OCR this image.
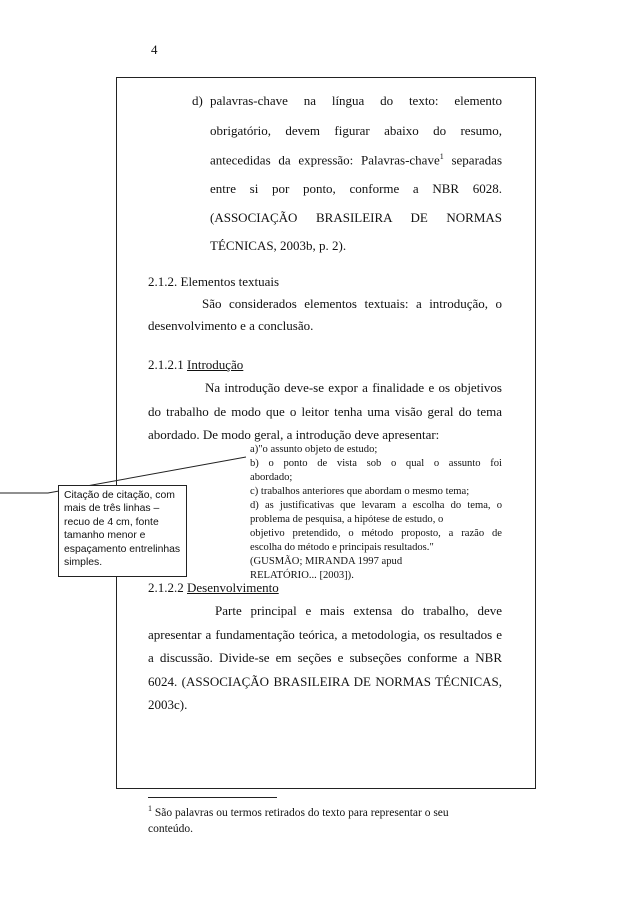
4
d) palavras-chave na língua do texto: elemento
obrigatório, devem figurar abaixo do resumo,
antecedidas da expressão: Palavras-chave$^1$ separadas
entre si por ponto, conforme a NBR 6028.
(ASSOCIAÇÃO BRASILEIRA DE NORMAS
TÉCNICAS, 2003b, p. 2).
2.1.2. Elementos textuais
São considerados elementos textuais: a introdução, o
desenvolvimento e a conclusão.
2.1.2.1 Introdução
Na introdução deve-se expor a finalidade e os objetivos
do trabalho de modo que o leitor tenha uma visão geral do tema
abordado. De modo geral, a introdução deve apresentar:
a)"o assunto objeto de estudo;
b) o ponto de vista sob o qual o assunto foi
abordado;
c) trabalhos anteriores que abordam o mesmo tema;
d) as justificativas que levaram a escolha do tema, o
problema de pesquisa, a hipótese de estudo, o
objetivo pretendido, o método proposto, a razão de
escolha do método e principais resultados."
(GUSMÃO; MIRANDA 1997 apud
RELATÓRIO... [2003]).
Citação de citação, com mais de três linhas – recuo de 4 cm, fonte tamanho menor e espaçamento entrelinhas simples.
2.1.2.2 Desenvolvimento
Parte principal e mais extensa do trabalho, deve
apresentar a fundamentação teórica, a metodologia, os resultados e
a discussão. Divide-se em seções e subseções conforme a NBR
6024. (ASSOCIAÇÃO BRASILEIRA DE NORMAS TÉCNICAS,
2003c).
$^1$ São palavras ou termos retirados do texto para representar o seu conteúdo.
